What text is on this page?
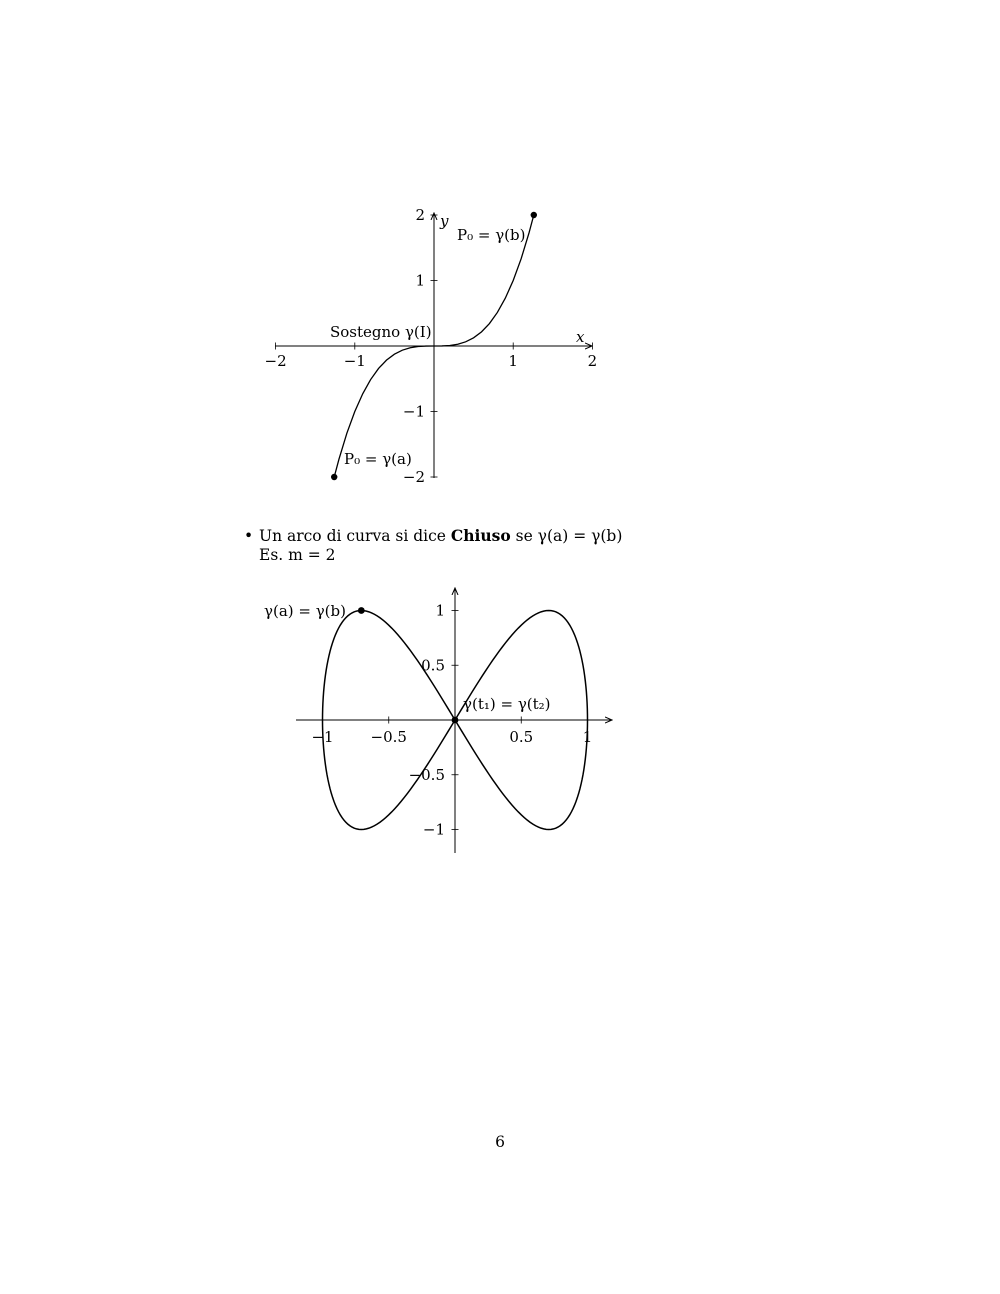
−2	−1	1	2
−2
−1
1
2
x
y
P₀ = γ(b)
P₀ = γ(a)
Sostegno γ(I)
• Un arco di curva si dice Chiuso se γ(a) = γ(b)
Es. m = 2
−1 −0.5	0.5	1
−1
−0.5
0.5
1
γ(a) = γ(b)
γ(t₁) = γ(t₂)
6
